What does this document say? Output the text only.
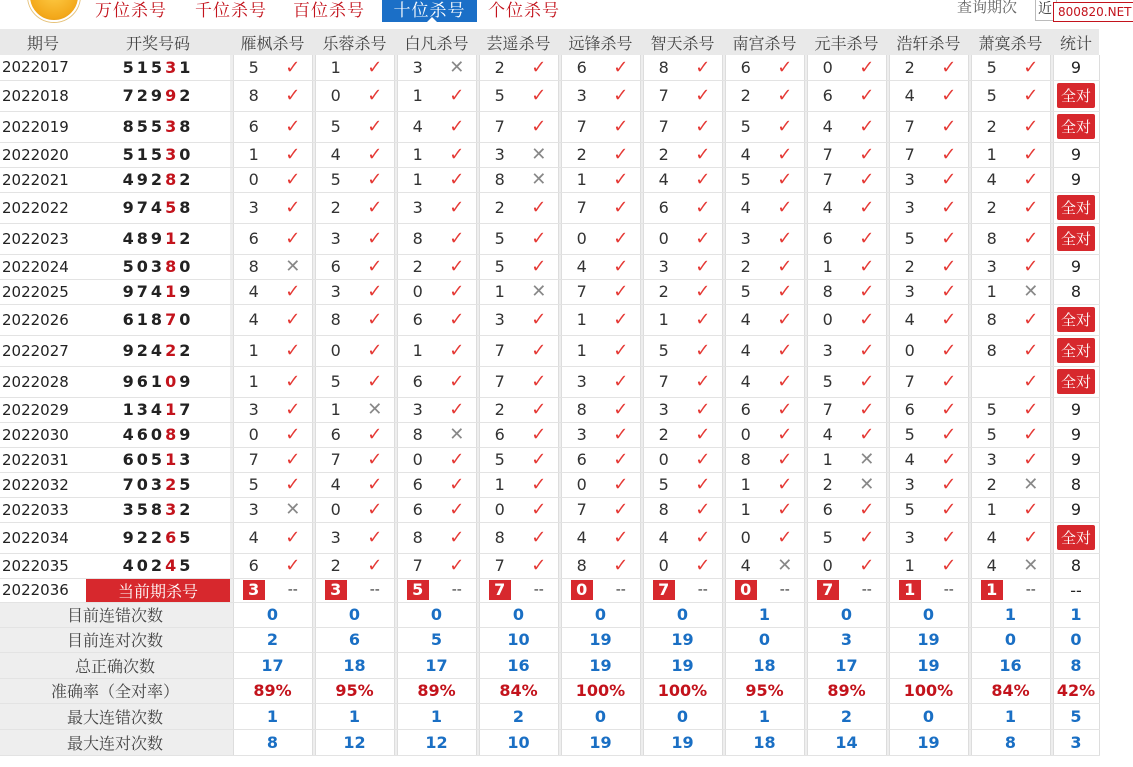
万位杀号	千位杀号	百位杀号	十位杀号	个位杀号	查询期次 近 800820.NET
期号	开奖号码		雁枫杀号			乐蓉杀号			白凡杀号			芸遥杀号			远锋杀号			智天杀号			南宫杀号			元丰杀号			浩轩杀号			萧寞杀号			统计
2022017	51531		5	✓		1	✓		3	✕		2	✓		6	✓		8	✓		6	✓		0	✓		2	✓		5	✓		9
2022018	72992		8	✓		0	✓		1	✓		5	✓		3	✓		7	✓		2	✓		6	✓		4	✓		5	✓		全对
2022019	85538		6	✓		5	✓		4	✓		7	✓		7	✓		7	✓		5	✓		4	✓		7	✓		2	✓		全对
2022020	51530		1	✓		4	✓		1	✓		3	✕		2	✓		2	✓		4	✓		7	✓		7	✓		1	✓		9
2022021	49282		0	✓		5	✓		1	✓		8	✕		1	✓		4	✓		5	✓		7	✓		3	✓		4	✓		9
2022022	97458		3	✓		2	✓		3	✓		2	✓		7	✓		6	✓		4	✓		4	✓		3	✓		2	✓		全对
2022023	48912		6	✓		3	✓		8	✓		5	✓		0	✓		0	✓		3	✓		6	✓		5	✓		8	✓		全对
2022024	50380		8	✕		6	✓		2	✓		5	✓		4	✓		3	✓		2	✓		1	✓		2	✓		3	✓		9
2022025	97419		4	✓		3	✓		0	✓		1	✕		7	✓		2	✓		5	✓		8	✓		3	✓		1	✕		8
2022026	61870		4	✓		8	✓		6	✓		3	✓		1	✓		1	✓		4	✓		0	✓		4	✓		8	✓		全对
2022027	92422		1	✓		0	✓		1	✓		7	✓		1	✓		5	✓		4	✓		3	✓		0	✓		8	✓		全对
2022028	96109		1	✓		5	✓		6	✓		7	✓		3	✓		7	✓		4	✓		5	✓		7	✓			✓		全对
2022029	13417		3	✓		1	✕		3	✓		2	✓		8	✓		3	✓		6	✓		7	✓		6	✓		5	✓		9
2022030	46089		0	✓		6	✓		8	✕		6	✓		3	✓		2	✓		0	✓		4	✓		5	✓		5	✓		9
2022031	60513		7	✓		7	✓		0	✓		5	✓		6	✓		0	✓		8	✓		1	✕		4	✓		3	✓		9
2022032	70325		5	✓		4	✓		6	✓		1	✓		0	✓		5	✓		1	✓		2	✕		3	✓		2	✕		8
2022033	35832		3	✕		0	✓		6	✓		0	✓		7	✓		8	✓		1	✓		6	✓		5	✓		1	✓		9
2022034	92265		4	✓		3	✓		8	✓		8	✓		4	✓		4	✓		0	✓		5	✓		3	✓		4	✓		全对
2022035	40245		6	✓		2	✓		7	✓		7	✓		8	✓		0	✓		4	✕		0	✓		1	✓		4	✕		8
2022036	当前期杀号		3	--		3	--		5	--		7	--		0	--		7	--		0	--		7	--		1	--		1	--		--
目前连错次数			0			0			0			0			0			0			1			0			0			1			1
目前连对次数			2			6			5			10			19			19			0			3			19			0			0
总正确次数			17			18			17			16			19			19			18			17			19			16			8
准确率（全对率）			89%			95%			89%			84%			100%			100%			95%			89%			100%			84%			42%
最大连错次数			1			1			1			2			0			0			1			2			0			1			5
最大连对次数			8			12			12			10			19			19			18			14			19			8			3
